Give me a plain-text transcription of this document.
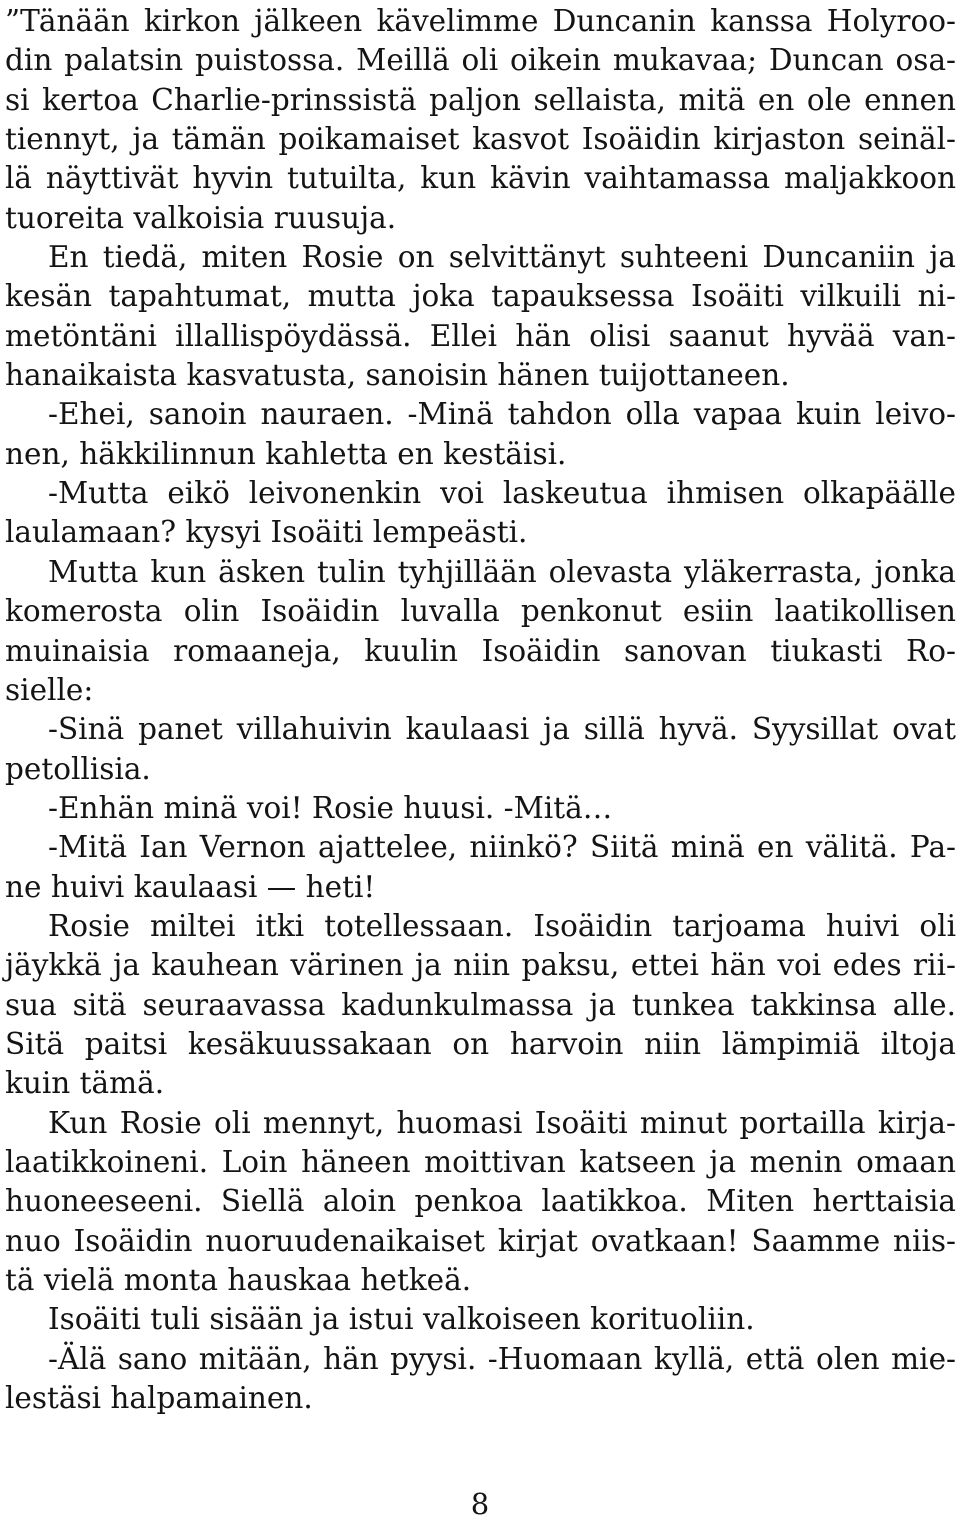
”Tänään kirkon jälkeen kävelimme Duncanin kanssa Holyroo-
din palatsin puistossa. Meillä oli oikein mukavaa; Duncan osa-
si kertoa Charlie-prinssistä paljon sellaista, mitä en ole ennen
tiennyt, ja tämän poikamaiset kasvot Isoäidin kirjaston seinäl-
lä näyttivät hyvin tutuilta, kun kävin vaihtamassa maljakkoon
tuoreita valkoisia ruusuja.
En tiedä, miten Rosie on selvittänyt suhteeni Duncaniin ja
kesän tapahtumat, mutta joka tapauksessa Isoäiti vilkuili ni-
metöntäni illallispöydässä. Ellei hän olisi saanut hyvää van-
hanaikaista kasvatusta, sanoisin hänen tuijottaneen.
-Ehei, sanoin nauraen. -Minä tahdon olla vapaa kuin leivo-
nen, häkkilinnun kahletta en kestäisi.
-Mutta eikö leivonenkin voi laskeutua ihmisen olkapäälle
laulamaan? kysyi Isoäiti lempeästi.
Mutta kun äsken tulin tyhjillään olevasta yläkerrasta, jonka
komerosta olin Isoäidin luvalla penkonut esiin laatikollisen
muinaisia romaaneja, kuulin Isoäidin sanovan tiukasti Ro-
sielle:
-Sinä panet villahuivin kaulaasi ja sillä hyvä. Syysillat ovat
petollisia.
-Enhän minä voi! Rosie huusi. -Mitä…
-Mitä Ian Vernon ajattelee, niinkö? Siitä minä en välitä. Pa-
ne huivi kaulaasi — heti!
Rosie miltei itki totellessaan. Isoäidin tarjoama huivi oli
jäykkä ja kauhean värinen ja niin paksu, ettei hän voi edes rii-
sua sitä seuraavassa kadunkulmassa ja tunkea takkinsa alle.
Sitä paitsi kesäkuussakaan on harvoin niin lämpimiä iltoja
kuin tämä.
Kun Rosie oli mennyt, huomasi Isoäiti minut portailla kirja-
laatikkoineni. Loin häneen moittivan katseen ja menin omaan
huoneeseeni. Siellä aloin penkoa laatikkoa. Miten herttaisia
nuo Isoäidin nuoruudenaikaiset kirjat ovatkaan! Saamme niis-
tä vielä monta hauskaa hetkeä.
Isoäiti tuli sisään ja istui valkoiseen korituoliin.
-Älä sano mitään, hän pyysi. -Huomaan kyllä, että olen mie-
lestäsi halpamainen.
8
